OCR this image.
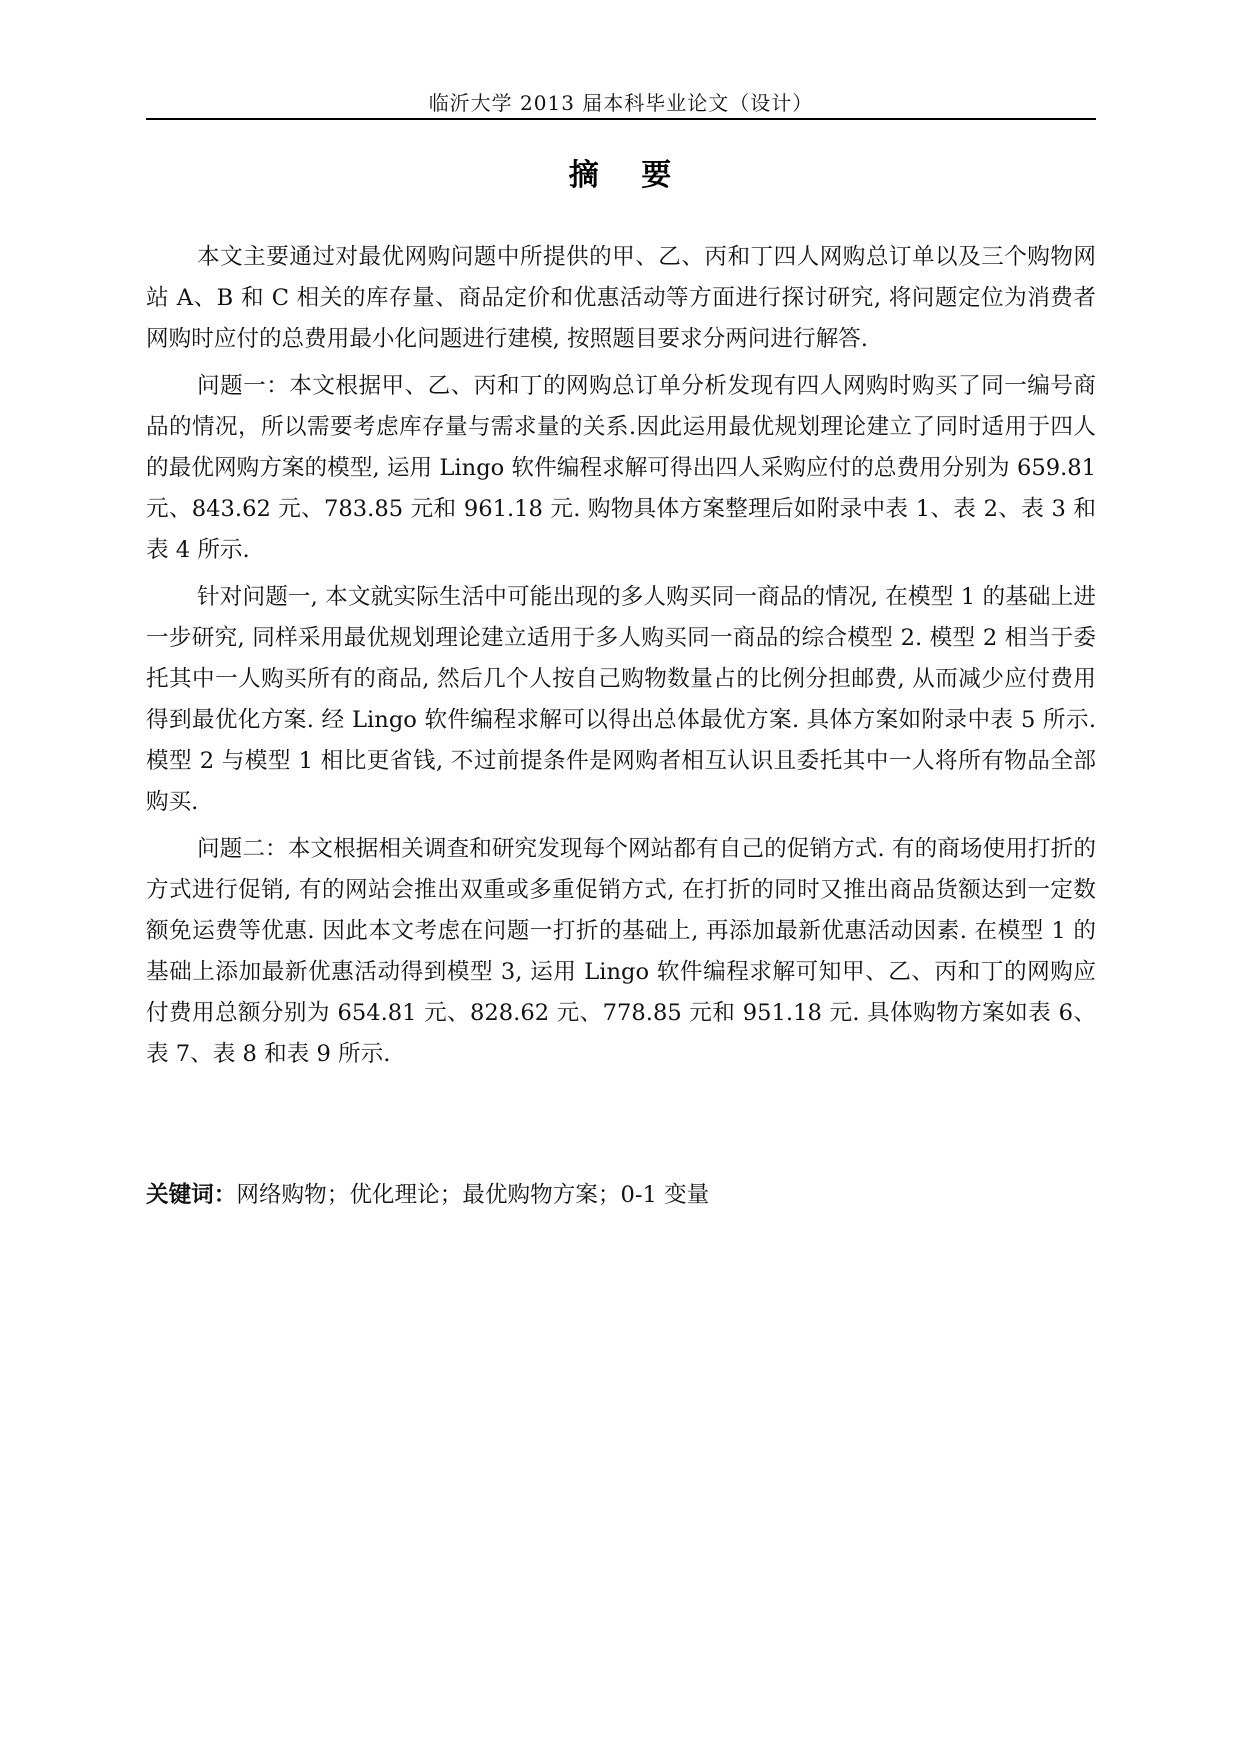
临沂大学 2013 届本科毕业论文（设计）
摘 要

本文主要通过对最优网购问题中所提供的甲、乙、丙和丁四人网购总订单以及三个购物网站 A、B 和 C 相关的库存量、商品定价和优惠活动等方面进行探讨研究, 将问题定位为消费者网购时应付的总费用最小化问题进行建模, 按照题目要求分两问进行解答.

问题一：本文根据甲、乙、丙和丁的网购总订单分析发现有四人网购时购买了同一编号商品的情况，所以需要考虑库存量与需求量的关系.因此运用最优规划理论建立了同时适用于四人的最优网购方案的模型, 运用 Lingo 软件编程求解可得出四人采购应付的总费用分别为 659.81 元、843.62 元、783.85 元和 961.18 元. 购物具体方案整理后如附录中表 1、表 2、表 3 和表 4 所示.

针对问题一, 本文就实际生活中可能出现的多人购买同一商品的情况, 在模型 1 的基础上进一步研究, 同样采用最优规划理论建立适用于多人购买同一商品的综合模型 2. 模型 2 相当于委托其中一人购买所有的商品, 然后几个人按自己购物数量占的比例分担邮费, 从而减少应付费用得到最优化方案. 经 Lingo 软件编程求解可以得出总体最优方案. 具体方案如附录中表 5 所示. 模型 2 与模型 1 相比更省钱, 不过前提条件是网购者相互认识且委托其中一人将所有物品全部购买.

问题二：本文根据相关调查和研究发现每个网站都有自己的促销方式. 有的商场使用打折的方式进行促销, 有的网站会推出双重或多重促销方式, 在打折的同时又推出商品货额达到一定数额免运费等优惠. 因此本文考虑在问题一打折的基础上, 再添加最新优惠活动因素. 在模型 1 的基础上添加最新优惠活动得到模型 3, 运用 Lingo 软件编程求解可知甲、乙、丙和丁的网购应付费用总额分别为 654.81 元、828.62 元、778.85 元和 951.18 元. 具体购物方案如表 6、表 7、表 8 和表 9 所示.

关键词：网络购物；优化理论；最优购物方案；0-1 变量
